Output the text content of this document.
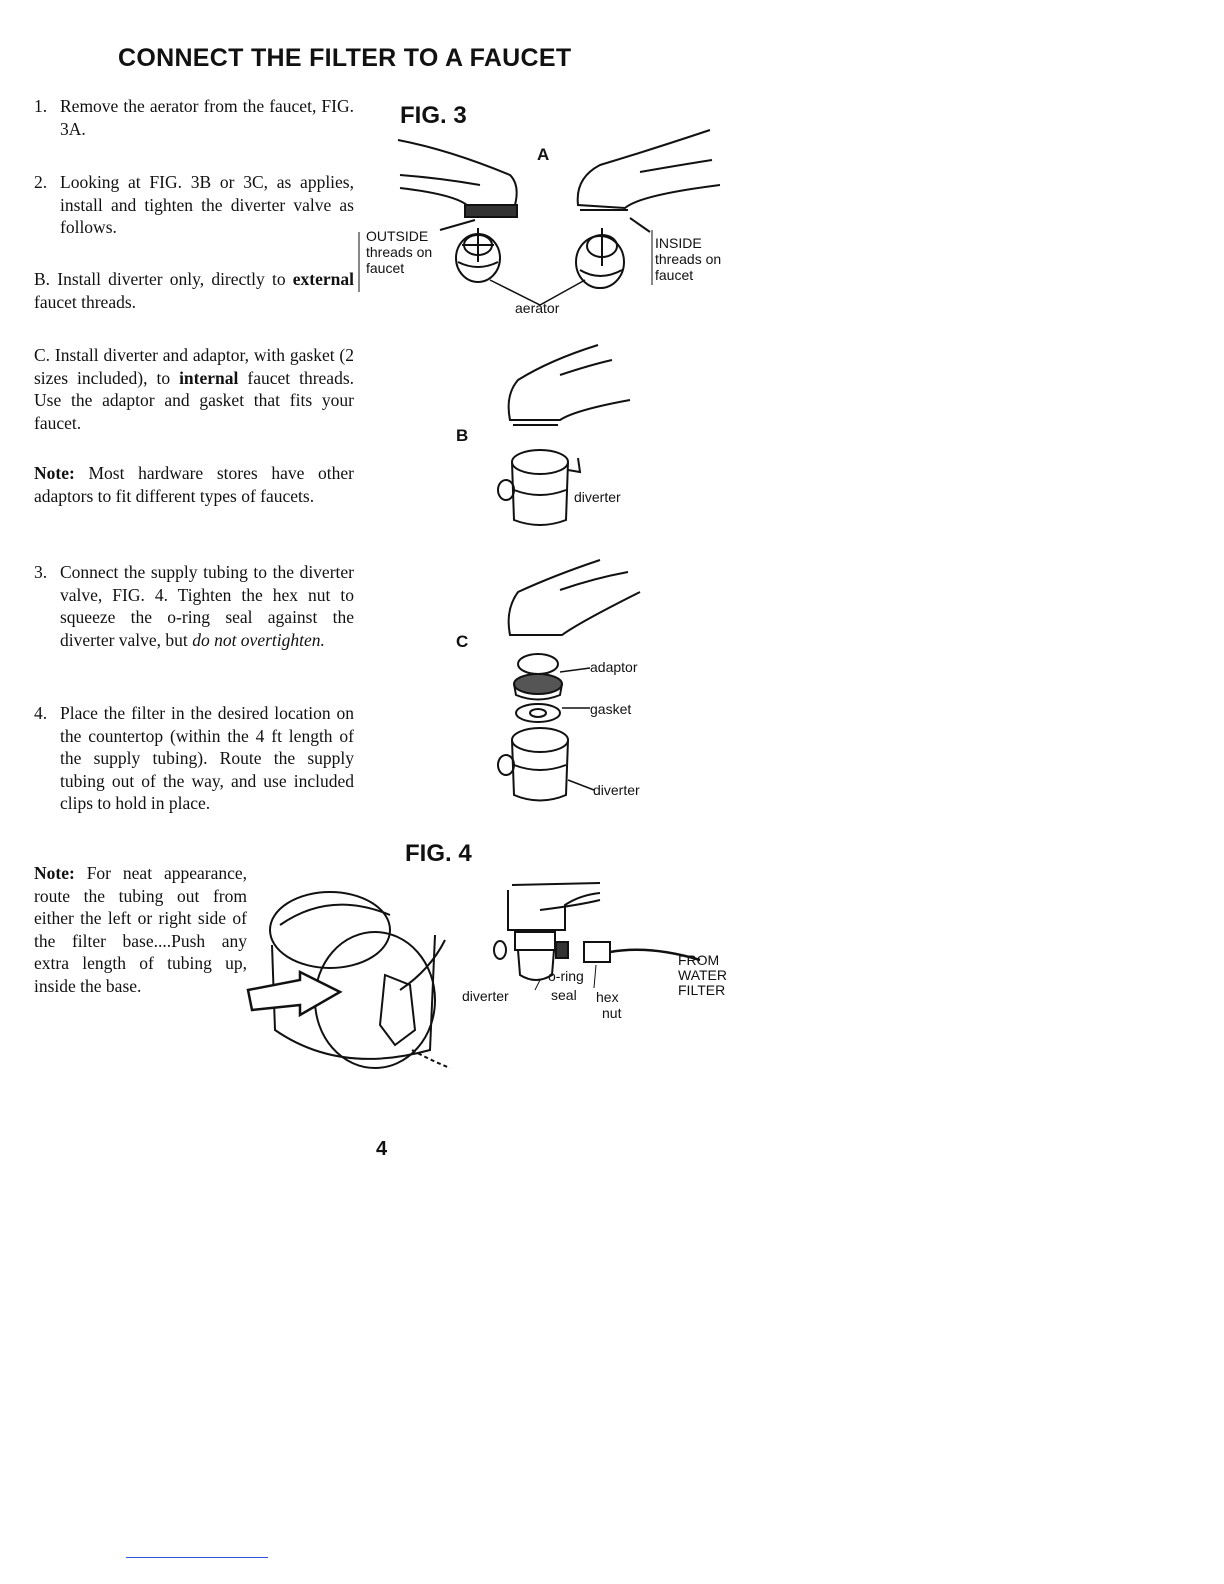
CONNECT THE FILTER TO A FAUCET
1. Remove the aerator from the faucet, FIG. 3A.
2. Looking at FIG. 3B or 3C, as applies, install and tighten the diverter valve as follows.
B. Install diverter only, directly to external faucet threads.
C. Install diverter and adaptor, with gasket (2 sizes included), to internal faucet threads. Use the adaptor and gasket that fits your faucet.
Note: Most hardware stores have other adaptors to fit different types of faucets.
3. Connect the supply tubing to the diverter valve, FIG. 4. Tighten the hex nut to squeeze the o-ring seal against the diverter valve, but do not overtighten.
4. Place the filter in the desired location on the countertop (within the 4 ft length of the supply tubing). Route the supply tubing out of the way, and use included clips to hold in place.
Note: For neat appearance, route the tubing out from either the left or right side of the filter base....Push any extra length of tubing up, inside the base.
FIG. 3
FIG. 4
A
B
C
OUTSIDE
threads on faucet
INSIDE
threads on faucet
aerator
diverter
adaptor
gasket
diverter
diverter
o-ring
seal hex
nut
FROM
WATER
FILTER
4
